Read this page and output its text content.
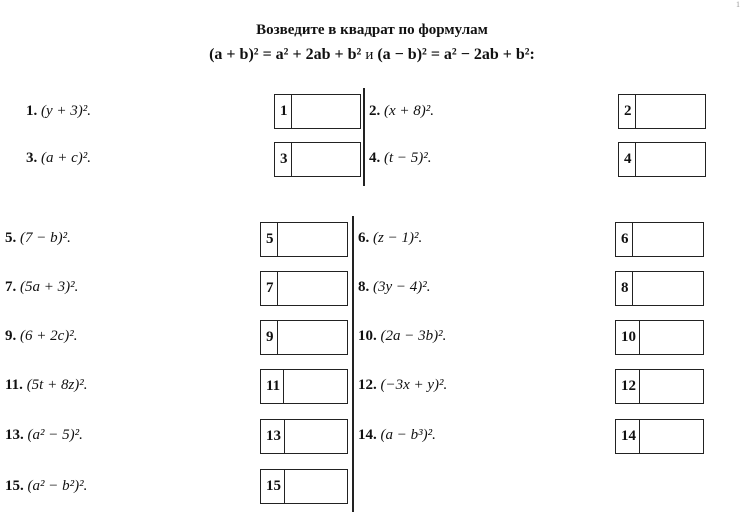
1
Возведите в квадрат по формулам
(a + b)² = a² + 2ab + b² и (a − b)² = a² − 2ab + b²:
1. (y + 3)².	1	2. (x + 8)².	2
3. (a + c)².	3	4. (t − 5)².	4
5. (7 − b)².	5	6. (z − 1)².	6
7. (5a + 3)².	7	8. (3y − 4)².	8
9. (6 + 2c)².	9	10. (2a − 3b)².	10
11. (5t + 8z)².	11	12. (−3x + y)².	12
13. (a² − 5)².	13	14. (a − b³)².	14
15. (a² − b²)².	15
